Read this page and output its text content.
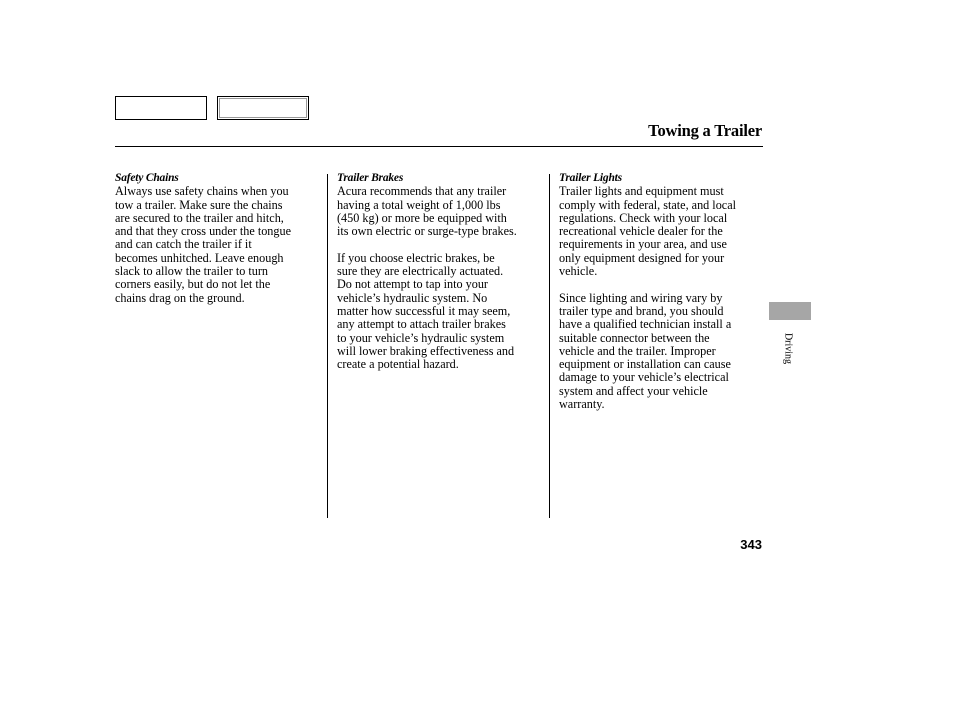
Towing a Trailer
Safety Chains

Always use safety chains when you
tow a trailer. Make sure the chains
are secured to the trailer and hitch,
and that they cross under the tongue
and can catch the trailer if it
becomes unhitched. Leave enough
slack to allow the trailer to turn
corners easily, but do not let the
chains drag on the ground.

Trailer Brakes

Acura recommends that any trailer
having a total weight of 1,000 lbs
(450 kg) or more be equipped with
its own electric or surge-type brakes.

If you choose electric brakes, be
sure they are electrically actuated.
Do not attempt to tap into your
vehicle’s hydraulic system. No
matter how successful it may seem,
any attempt to attach trailer brakes
to your vehicle’s hydraulic system
will lower braking effectiveness and
create a potential hazard.

Trailer Lights

Trailer lights and equipment must
comply with federal, state, and local
regulations. Check with your local
recreational vehicle dealer for the
requirements in your area, and use
only equipment designed for your
vehicle.

Since lighting and wiring vary by
trailer type and brand, you should
have a qualified technician install a
suitable connector between the
vehicle and the trailer. Improper
equipment or installation can cause
damage to your vehicle’s electrical
system and affect your vehicle
warranty.

Driving
343
